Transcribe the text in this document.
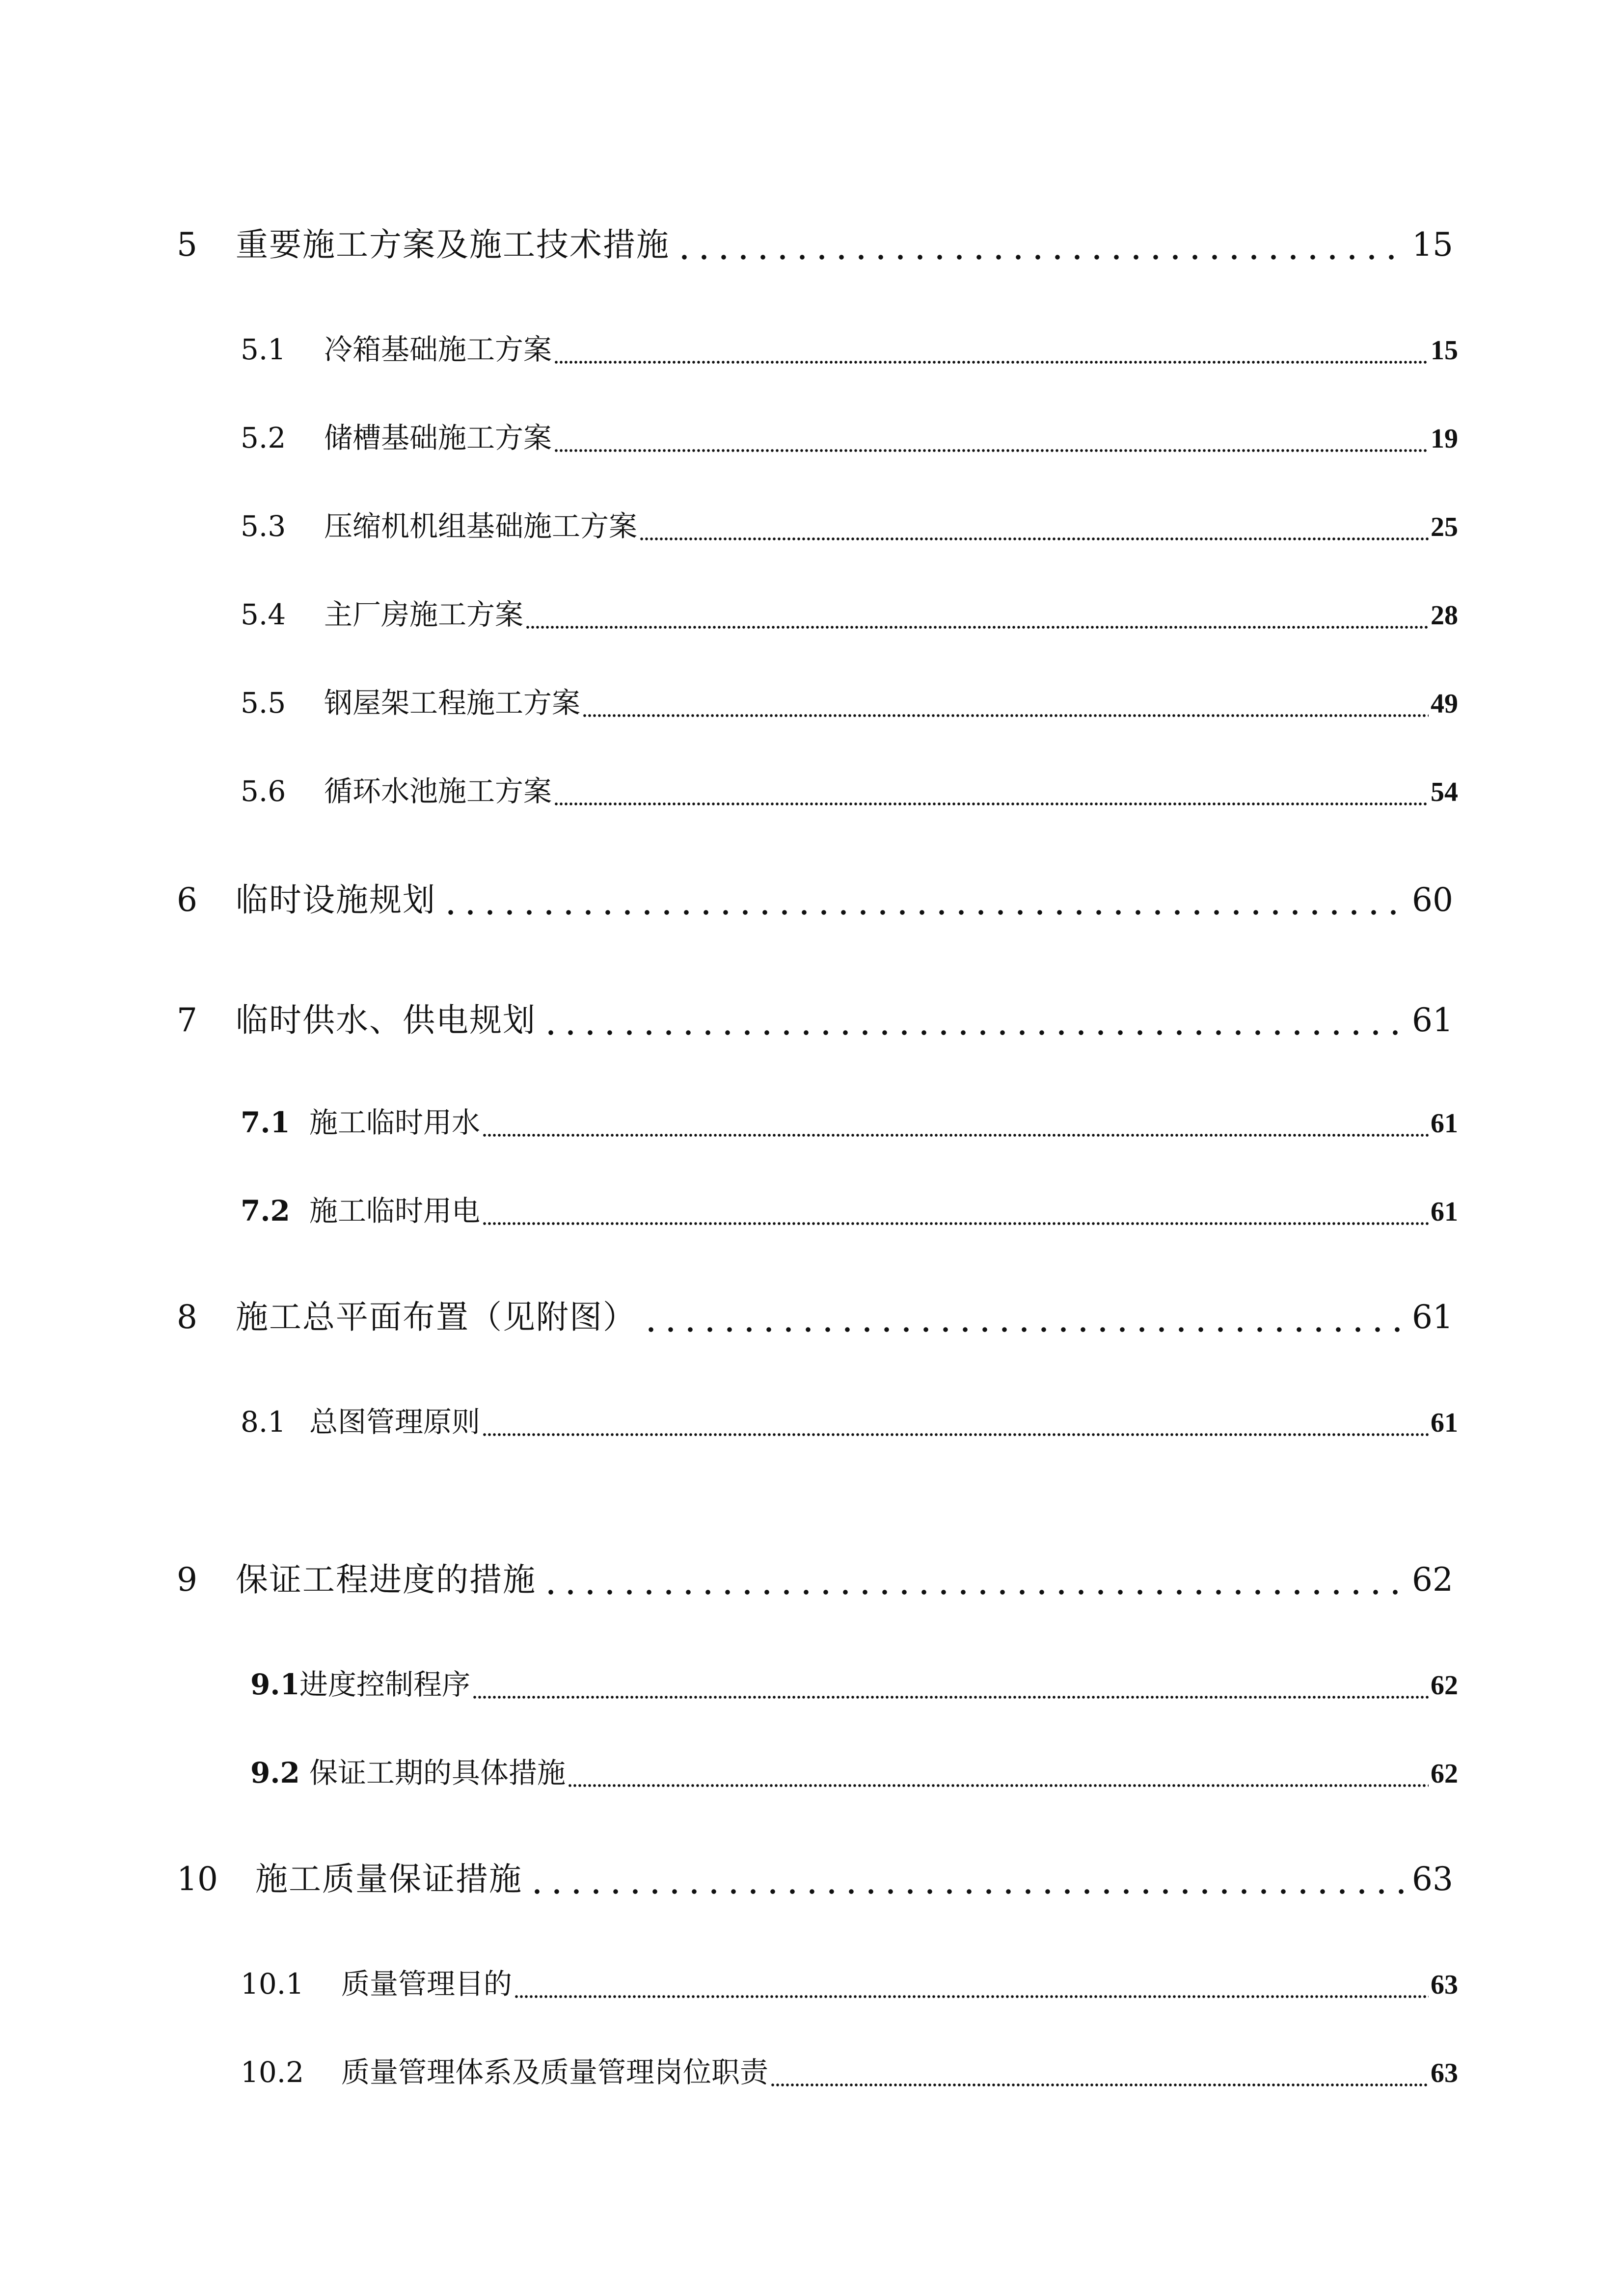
5	重要施工方案及施工技术措施	15
5.1	冷箱基础施工方案	15
5.2	储槽基础施工方案	19
5.3	压缩机机组基础施工方案	25
5.4	主厂房施工方案	28
5.5	钢屋架工程施工方案	49
5.6	循环水池施工方案	54
6	临时设施规划	60
7	临时供水、供电规划	61
7.1 施工临时用水	61
7.2 施工临时用电	61
8	施工总平面布置（见附图）	61
8.1 总图管理原则	61
9	保证工程进度的措施	62
9.1 进度控制程序	62
9.2 保证工期的具体措施	62
10	施工质量保证措施	63
10.1	质量管理目的	63
10.2	质量管理体系及质量管理岗位职责	63
